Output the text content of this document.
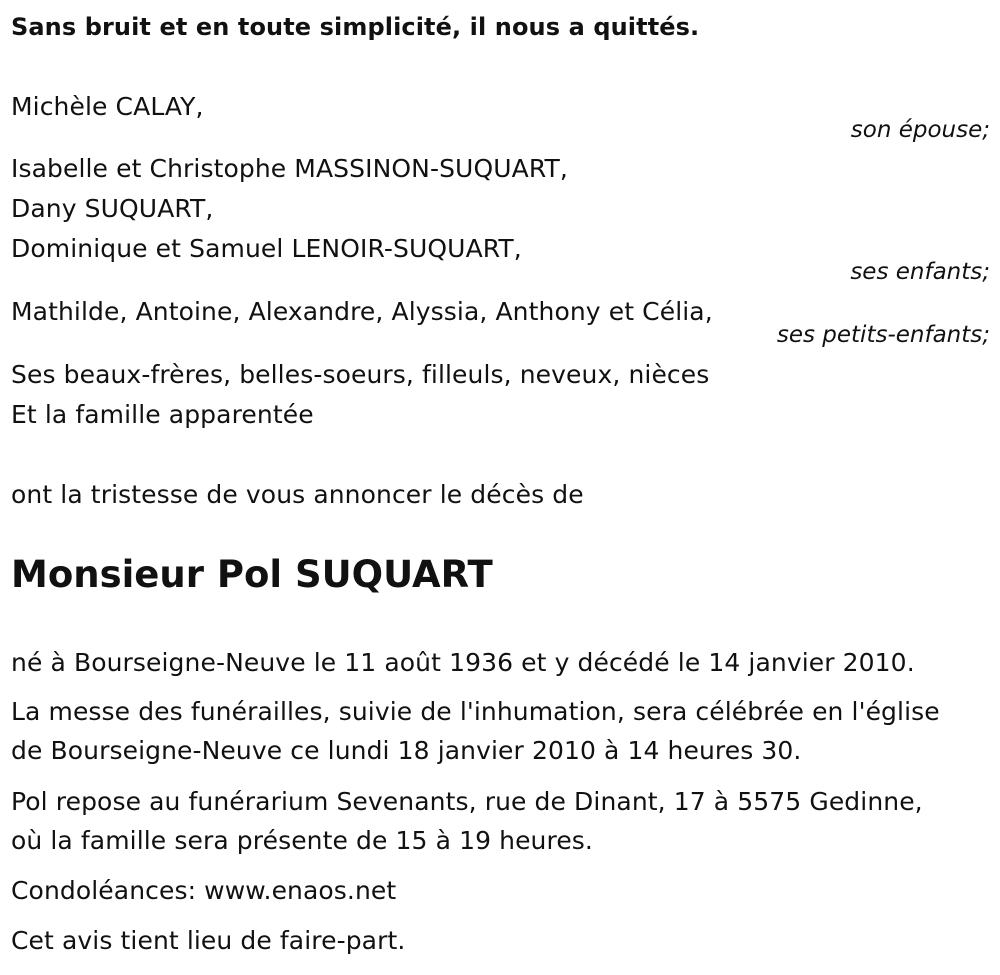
Sans bruit et en toute simplicité, il nous a quittés.
Michèle CALAY,
son épouse;
Isabelle et Christophe MASSINON-SUQUART,
Dany SUQUART,
Dominique et Samuel LENOIR-SUQUART,
ses enfants;
Mathilde, Antoine, Alexandre, Alyssia, Anthony et Célia,
ses petits-enfants;
Ses beaux-frères, belles-soeurs, filleuls, neveux, nièces
Et la famille apparentée
ont la tristesse de vous annoncer le décès de
Monsieur Pol SUQUART
né à Bourseigne-Neuve le 11 août 1936 et y décédé le 14 janvier 2010.
La messe des funérailles, suivie de l'inhumation, sera célébrée en l'église
de Bourseigne-Neuve ce lundi 18 janvier 2010 à 14 heures 30.
Pol repose au funérarium Sevenants, rue de Dinant, 17 à 5575 Gedinne,
où la famille sera présente de 15 à 19 heures.
Condoléances: www.enaos.net
Cet avis tient lieu de faire-part.
